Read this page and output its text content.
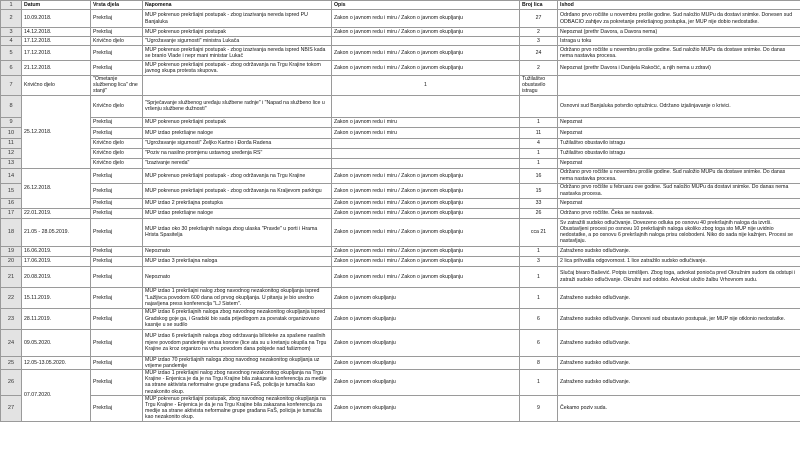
1	Datum	Vrsta djela	Napomena	Opis	Broj lica	Ishod
2	10.09.2018.	Prekršaj	MUP pokrenuo prekršajni postupak - zbog izazivanja nereda ispred PU Banjaluka	Zakon o javnom redu i miru / Zakon o javnom okupljanju	27	Odrđano prvo ročište u novembru prošle godine. Sud naložio MUPu da dostavi snimke. Donesen sud ODBACIO zahtjev za pokretanje prekršajnog postupka, jer MUP nije dobio nedostatke.
3	14.12.2018.	Prekršaj	MUP pokrenuo prekršajni postupak	Zakon o javnom redu i miru / Zakon o javnom okupljanju	2	Nepoznat (prethr Davora, a Davora nema)
4	17.12.2018.	Krivično djelo	"Ugrožavanje sigurnosti" ministra Lukača		3	Istraga u toku
5	17.12.2018.	Prekršaj	MUP pokrenuo prekršajni postupak - zbog izazivanja nereda ispred NBIS kada se branio Vlade i nepr mani ministar Lukač	Zakon o javnom redu i miru / Zakon o javnom okupljanju	24	Održano prvo ročište u novembru prošle godine. Sud naložio MUPu da dostave snimke. Do danas nema nastavka procesa.
6	21.12.2018.	Prekršaj	MUP pokrenuo prekršajni postupak - zbog održavanja na Trgu Krajine tokom javnog skupa protesta skupova.	Zakon o javnom redu i miru / Zakon o javnom okupljanju	2	Nepoznat (prethr Davora i Danijela Rakočić, a njih nema u zdravi)
7	Krivično djelo	"Ometanje službenog lica" dne stanji"		1	Tužilaštvo obustavilo istragu	
8	25.12.2018.	Krivično djelo	"Sprječavanje službenog uređaju službene radnje" i "Napad na službeno lice u vršenju službene dužnosti"			Osnovni sud Banjaluka potvrdio optužnicu. Održano izjašnjavanje o krivici.
9		Prekršaj	MUP pokrenuo prekršajni postupak	Zakon o javnom redu i miru	1	Nepoznat
10		Prekršaj	MUP izdao prekršajne naloge	Zakon o javnom redu i miru	11	Nepoznat
11		Krivično djelo	"Ugrožavanje sigurnosti" Željko Kartno i Đorđa Radena		4	Tužilaštvo obustavilo istragu
12		Krivično djelo	"Poziv na nasilno promjenu ustavnog uređenja RS"		1	Tužilaštvo obustavilo istragu
13		Krivično djelo	"Izazivanje nereda"		1	Nepoznat
14	26.12.2018.	Prekršaj	MUP pokrenuo prekršajni postupak - zbog održavanja na Trgu Krajine	Zakon o javnom redu i miru / Zakon o javnom okupljanju	16	Održano prvo ročište u novembru prošle godine. Sud naložio MUPu da dostave snimke. Do danas nema nastavka procesa.
15		Prekršaj	MUP pokrenuo prekršajni postupak - zbog održavanja na Kraljevom parkingu	Zakon o javnom redu i miru / Zakon o javnom okupljanju	15	Održano prvo ročište u februaru ove godine. Sud naložio MUPu da dostavi snimke. Do danas nema nastavka procesa.
16		Prekršaj	MUP izdao 2 prekršajna postupka	Zakon o javnom redu i miru / Zakon o javnom okupljanju	33	Nepoznat
17	22.01.2019.	Prekršaj	MUP izdao prekršajne naloge	Zakon o javnom redu i miru / Zakon o javnom okupljanju	26	Održano prvo ročište. Čeka se nastavak.
18	21.05 - 28.05.2019.	Prekršaj	MUP izdao oko 30 prekršajnih naloga zbog ulaska "Pravde" u porti i Hrama Hrista Spasitelja	Zakon o javnom redu i miru / Zakon o javnom okupljanju	cca 21	Sv zatražili sudsko odlučivanje. Dovezeno odluka po osnovu 40 prekršajnih naloga da izvrši. Obustavljeni procesi po osnovu 10 prekršajnih naloga ukoliko zbog toga sto MUP nije uvidnio nedostatke, a po osnovu 6 prekršajnih naloga prisu oslobodeni. Niko do sada nije kažnjen. Procesi se nastavljaju.
19	16.06.2019.	Prekršaj	Nepoznato	Zakon o javnom redu i miru / Zakon o javnom okupljanju	1	Zatraženo sudsko odlučivanje.
20	17.06.2019.	Prekršaj	MUP izdao 3 prekršajna naloga	Zakon o javnom redu i miru / Zakon o javnom okupljanju	3	2 lica prihvatila odgovornost. 1 lice zatražilo sudsko odlučivanje.
21	20.08.2019.	Prekršaj	Nepoznato	Zakon o javnom redu i miru / Zakon o javnom okupljanju	1	Slučaj bivaro Bašević. Potpis izmišljen. Zbog toga, advokat ponioča pred Okružnim sudom da odstupi i zatraži sudsko odlučivanje. Okružni sud odobio. Advokat uložio žalbu Vrhovnom sudu.
22	15.11.2019.	Prekršaj	MUP izdao 1 prekršajni nalog zbog navodnog nezakonitog okupljanja ispred "Lažljivca povodom 600 dana od prvog okupljanja. U pitanju je bio uredno najavljena press konferencija "LJ Sistem".	Zakon o javnom okupljanju	1	Zatraženo sudsko odlučivanje.
23	28.11.2019.	Prekršaj	MUP izdao 6 prekršajnih naloga zbog navodnog nezakonitog okupljanja ispred Gradskog goje ga, i Gradski bio sada prijedlogom za povratak organizovano kasnije u se sudilo	Zakon o javnom okupljanju	6	Zatraženo sudsko odlučivanje. Osnovni sud obustavio postupak, jer MUP nije otklonio nedostatke.
24	09.05.2020.	Prekršaj	MUP izdao 6 prekršajnih naloga zbog održavanja bilioteke za spašene nasilnih mjere povodom pandemije virusa korone (lice ata su u kretanju okupila na Trgu Krajine za kroz organizo na vrhu povodom dana pobjede nad fašizmom)	Zakon o javnom okupljanju	6	Zatraženo sudsko odlučivanje.
25	12.05-13.05.2020.	Prekršaj	MUP izdao 70 prekršajnih naloga zbog navodnog nezakonitog okupljanja uz vrijeme pandemije	Zakon o javnom okupljanju	8	Zatraženo sudsko odlučivanje.
26	07.07.2020.	Prekršaj	MUP izdao 1 prekršajni nalog zbog navodnog nezakonitog okupljanja na Trgu Krajine - Enjenica je da je na Trgu Krajine bila zakazana konferencija za medije sa strane aktivista neformalne grupe građana FaŠ, policija je tumačila kao nezakonito okup.	Zakon o javnom okupljanju	1	Zatraženo sudsko odlučivanje.
27		Prekršaj	MUP pokrenuo prekršajni postupak, zbog navodnog nezakonitog okupljanja na Trgu Krajine - Enjenica je da je na Trgu Krajine bila zakazana konferencija za medije sa strane aktivista neformalne grupe građana FaŠ, policija je tumačila kao nezakonito okup.	Zakon o javnom okupljanju	9	Čekamo poziv suda.
